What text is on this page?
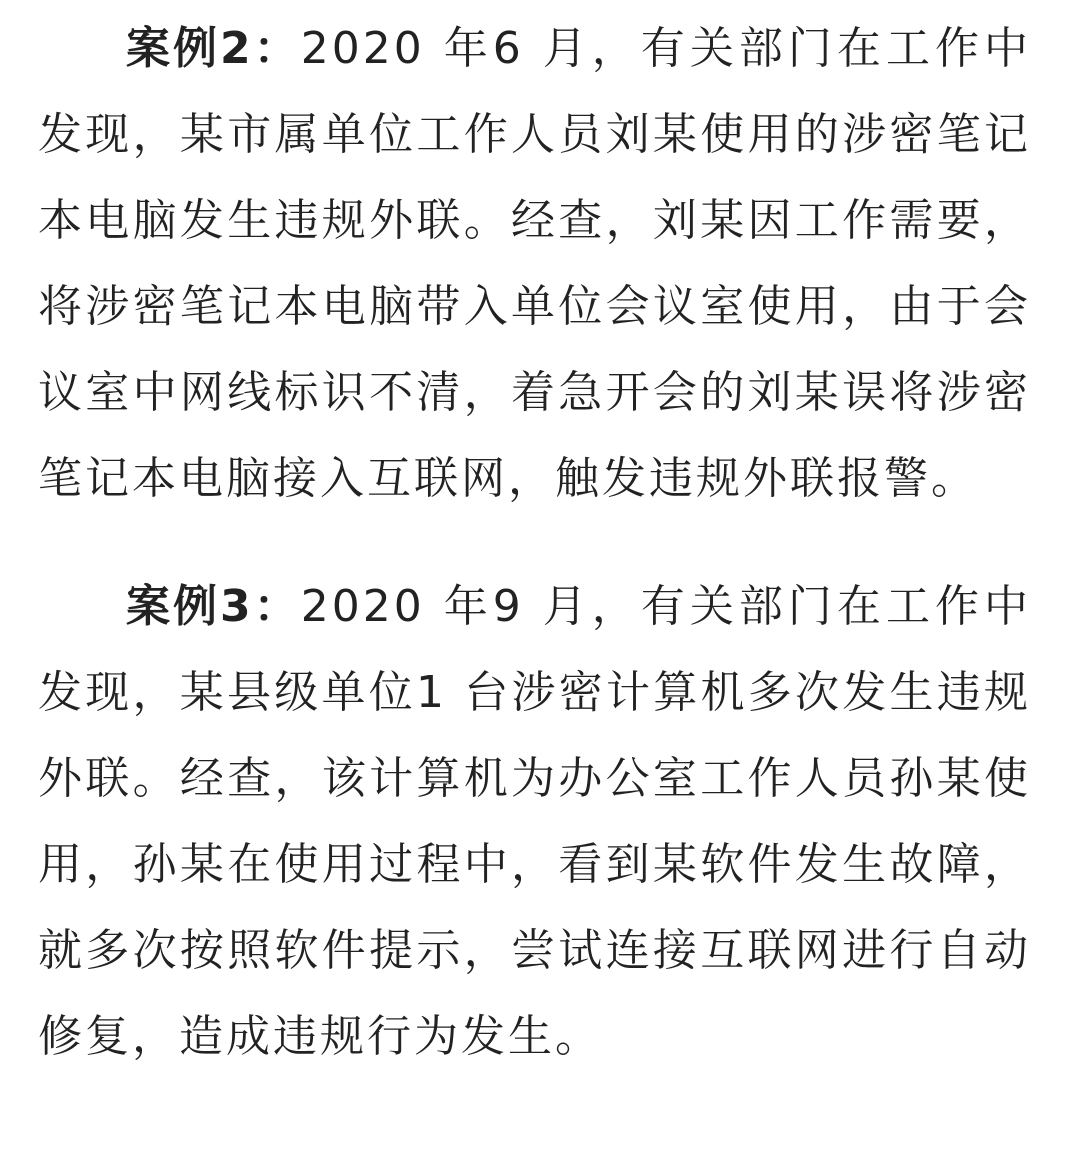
案例2：2020 年6 月，有关部门在工作中发现，某市属单位工作人员刘某使用的涉密笔记本电脑发生违规外联。经查，刘某因工作需要，将涉密笔记本电脑带入单位会议室使用，由于会议室中网线标识不清，着急开会的刘某误将涉密笔记本电脑接入互联网，触发违规外联报警。

案例3：2020 年9 月，有关部门在工作中发现，某县级单位1 台涉密计算机多次发生违规外联。经查，该计算机为办公室工作人员孙某使用，孙某在使用过程中，看到某软件发生故障，就多次按照软件提示，尝试连接互联网进行自动修复，造成违规行为发生。
